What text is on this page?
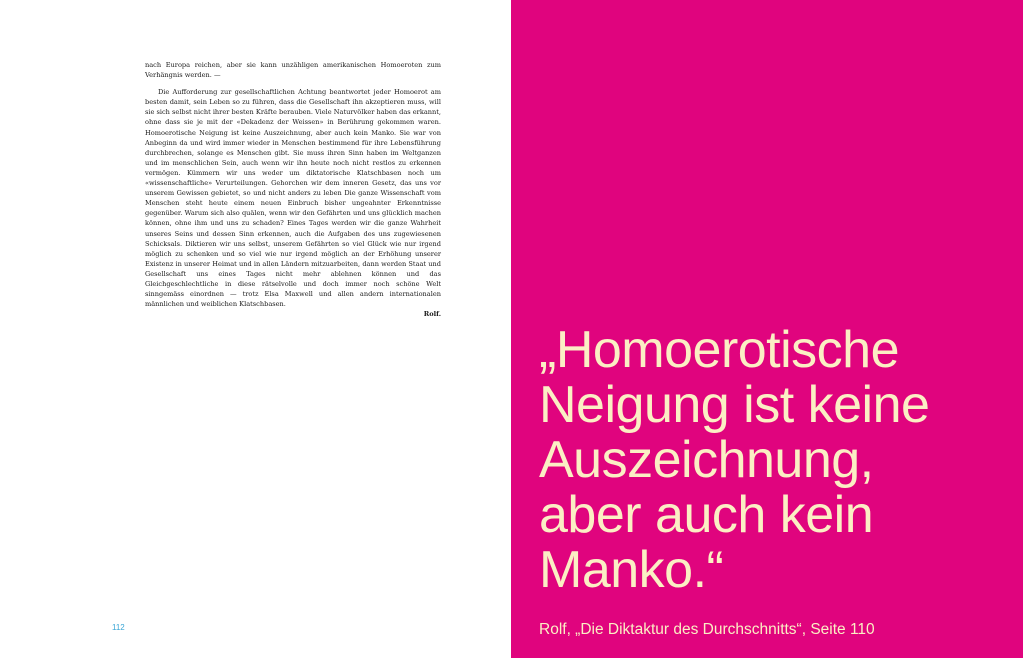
nach Europa reichen, aber sie kann unzähligen amerikanischen Homoeroten zum Verhängnis werden. —

Die Aufforderung zur gesellschaftlichen Achtung beantwortet jeder Homoerot am besten damit, sein Leben so zu führen, dass die Gesellschaft ihn akzeptieren muss, will sie sich selbst nicht ihrer besten Kräfte berauben. Viele Naturvölker haben das erkannt, ohne dass sie je mit der «Dekadenz der Weissen» in Berührung gekommen waren. Homoerotische Neigung ist keine Auszeichnung, aber auch kein Manko. Sie war von Anbeginn da und wird immer wieder in Menschen bestimmend für ihre Lebensführung durchbrechen, solange es Menschen gibt. Sie muss ihren Sinn haben im Weltganzen und im menschlichen Sein, auch wenn wir ihn heute noch nicht restlos zu erkennen vermögen. Kümmern wir uns weder um diktatorische Klatschbasen noch um «wissenschaftliche» Verurteilungen. Gehorchen wir dem inneren Gesetz, das uns vor unserem Gewissen gebietet, so und nicht anders zu leben Die ganze Wissenschaft vom Menschen steht heute einem neuen Einbruch bisher ungeahnter Erkenntnisse gegenüber. Warum sich also quälen, wenn wir den Gefährten und uns glücklich machen können, ohne ihm und uns zu schaden? Eines Tages werden wir die ganze Wahrheit unseres Seins und dessen Sinn erkennen, auch die Aufgaben des uns zugewiesenen Schicksals. Diktieren wir uns selbst, unserem Gefährten so viel Glück wie nur irgend möglich zu schenken und so viel wie nur irgend möglich an der Erhöhung unserer Existenz in unserer Heimat und in allen Ländern mitzuarbeiten, dann werden Staat und Gesellschaft uns eines Tages nicht mehr ablehnen können und das Gleichgeschlechtliche in diese rätselvolle und doch immer noch schöne Welt sinngemäss einordnen — trotz Elsa Maxwell und allen andern internationalen männlichen und weiblichen Klatschbasen.

Rolf.
112
„Homoerotische
Neigung ist keine
Auszeichnung,
aber auch kein
Manko.“
Rolf, „Die Diktaktur des Durchschnitts“, Seite 110
